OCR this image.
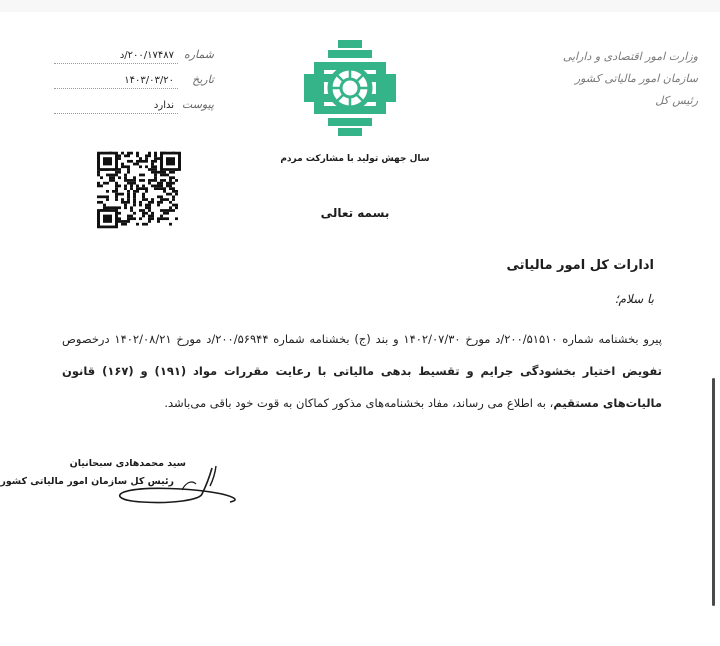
وزارت امور اقتصادی و دارایی
سازمان امور مالیاتی کشور
رئیس کل
سال جهش تولید با مشارکت مردم
شماره
۲۰۰/۱۷۴۸۷/د
تاریخ
۱۴۰۳/۰۳/۲۰
پیوست
ندارد
بسمه تعالی
ادارات کل امور مالیاتی
با سلام؛
پیرو بخشنامه شماره ۲۰۰/۵۱۵۱۰/د مورخ ۱۴۰۲/۰۷/۳۰ و بند (ج) بخشنامه شماره ۲۰۰/۵۶۹۴۴/د مورخ ۱۴۰۲/۰۸/۲۱ درخصوص تفویض اختیار بخشودگی جرایم و تقسیط بدهی مالیاتی با رعایت مقررات مواد (۱۹۱) و (۱۶۷) قانون مالیات‌های مستقیم، به اطلاع می رساند، مفاد بخشنامه‌های مذکور کماکان به قوت خود باقی می‌باشد.
سید محمدهادی سبحانیان
رئیس کل سازمان امور مالیاتی کشور
